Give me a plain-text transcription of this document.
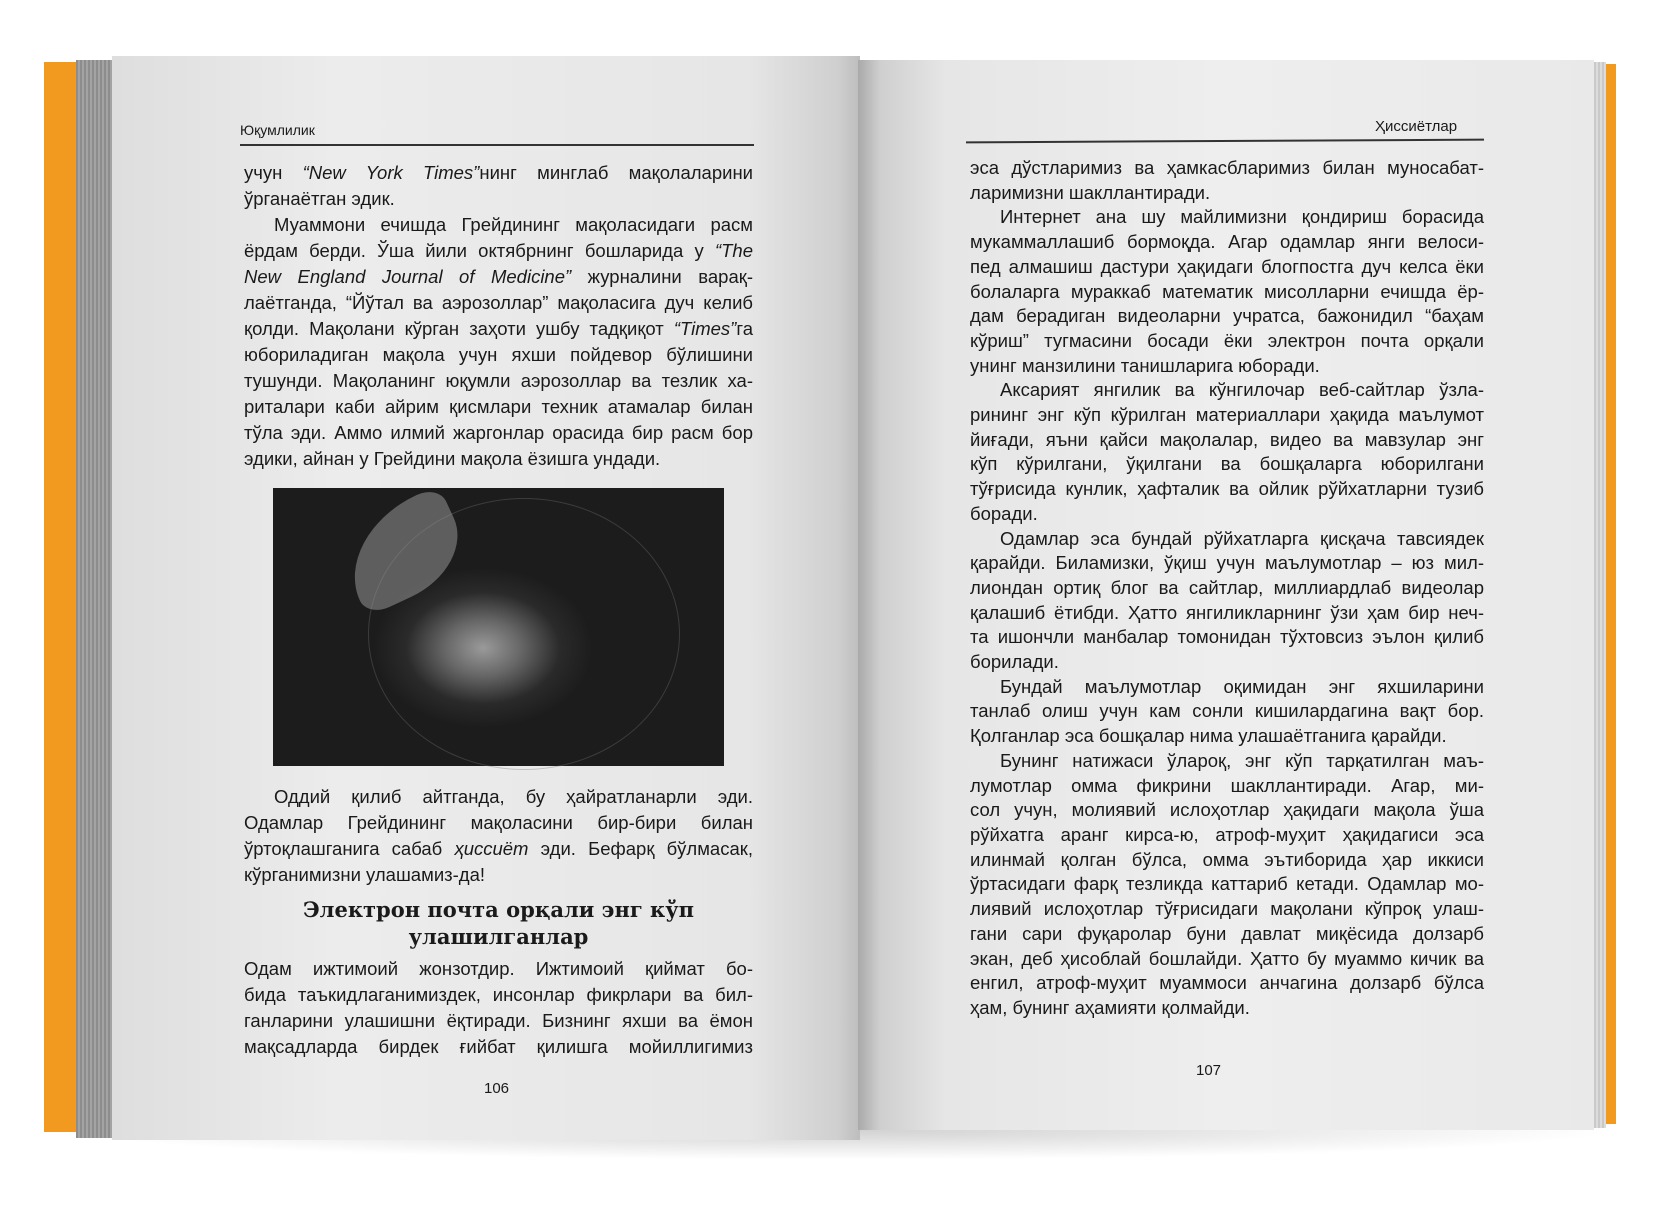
Юқумлилик
учун “New York Times”нинг минглаб мақолаларини
ўрганаётган эдик.
Муаммони ечишда Грейдининг мақоласидаги расм
ёрдам берди. Ўша йили октябрнинг бошларида у “The
New England Journal of Medicine” журналини варақ-
лаётганда, “Йўтал ва аэрозоллар” мақоласига дуч келиб
қолди. Мақолани кўрган заҳоти ушбу тадқиқот “Times”га
юбориладиган мақола учун яхши пойдевор бўлишини
тушунди. Мақоланинг юқумли аэрозоллар ва тезлик ха-
риталари каби айрим қисмлари техник атамалар билан
тўла эди. Аммо илмий жаргонлар орасида бир расм бор
эдики, айнан у Грейдини мақола ёзишга ундади.
Оддий қилиб айтганда, бу ҳайратланарли эди.
Одамлар Грейдининг мақоласини бир-бири билан
ўртоқлашганига сабаб ҳиссиёт эди. Бефарқ бўлмасак,
кўрганимизни улашамиз-да!
Электрон почта орқали энг кўп
улашилганлар
Одам ижтимоий жонзотдир. Ижтимоий қиймат бо-
бида таъкидлаганимиздек, инсонлар фикрлари ва бил-
ганларини улашишни ёқтиради. Бизнинг яхши ва ёмон
мақсадларда бирдек ғийбат қилишга мойиллигимиз
106
Ҳиссиётлар
эса дўстларимиз ва ҳамкасбларимиз билан муносабат-
ларимизни шакллантиради.
Интернет ана шу майлимизни қондириш борасида
мукаммаллашиб бормоқда. Агар одамлар янги велоси-
пед алмашиш дастури ҳақидаги блогпостга дуч келса ёки
болаларга мураккаб математик мисолларни ечишда ёр-
дам берадиган видеоларни учратса, бажонидил “баҳам
кўриш” тугмасини босади ёки электрон почта орқали
унинг манзилини танишларига юборади.
Аксарият янгилик ва кўнгилочар веб-сайтлар ўзла-
рининг энг кўп кўрилган материаллари ҳақида маълумот
йиғади, яъни қайси мақолалар, видео ва мавзулар энг
кўп кўрилгани, ўқилгани ва бошқаларга юборилгани
тўғрисида кунлик, ҳафталик ва ойлик рўйхатларни тузиб
боради.
Одамлар эса бундай рўйхатларга қисқача тавсиядек
қарайди. Биламизки, ўқиш учун маълумотлар – юз мил-
лиондан ортиқ блог ва сайтлар, миллиардлаб видеолар
қалашиб ётибди. Ҳатто янгиликларнинг ўзи ҳам бир неч-
та ишончли манбалар томонидан тўхтовсиз эълон қилиб
борилади.
Бундай маълумотлар оқимидан энг яхшиларини
танлаб олиш учун кам сонли кишилардагина вақт бор.
Қолганлар эса бошқалар нима улашаётганига қарайди.
Бунинг натижаси ўлароқ, энг кўп тарқатилган маъ-
лумотлар омма фикрини шакллантиради. Агар, ми-
сол учун, молиявий ислоҳотлар ҳақидаги мақола ўша
рўйхатга аранг кирса-ю, атроф-муҳит ҳақидагиси эса
илинмай қолган бўлса, омма эътиборида ҳар иккиси
ўртасидаги фарқ тезликда каттариб кетади. Одамлар мо-
лиявий ислоҳотлар тўғрисидаги мақолани кўпроқ улаш-
гани сари фуқаролар буни давлат миқёсида долзарб
экан, деб ҳисоблай бошлайди. Ҳатто бу муаммо кичик ва
енгил, атроф-муҳит муаммоси анчагина долзарб бўлса
ҳам, бунинг аҳамияти қолмайди.
107
